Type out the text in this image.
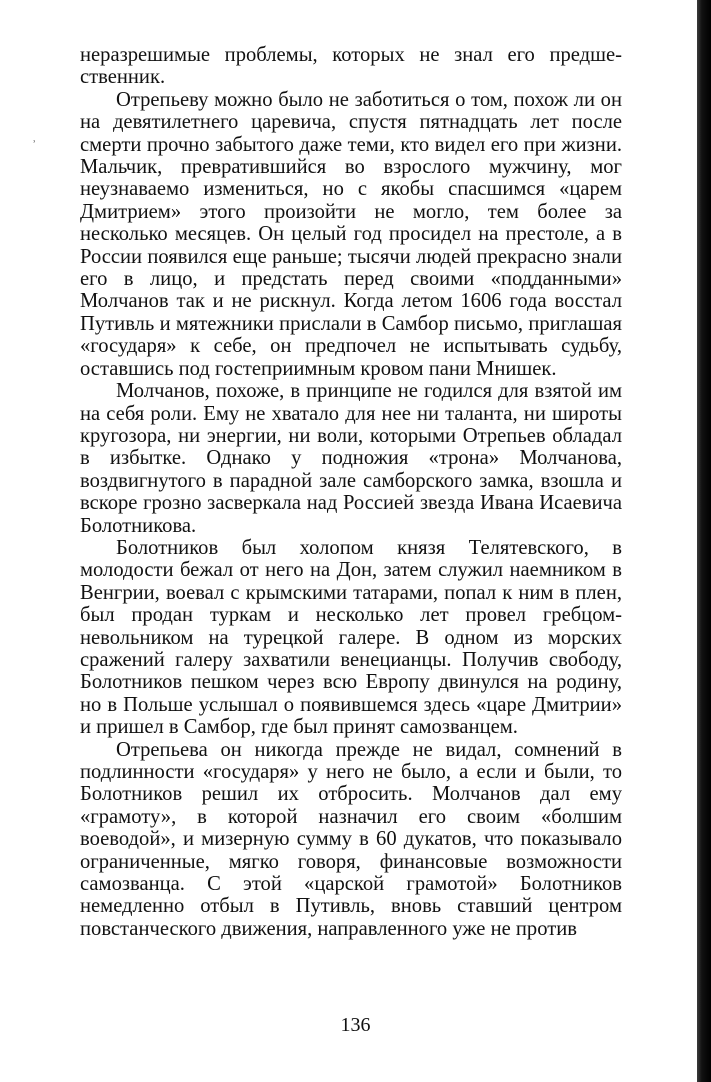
неразрешимые проблемы, которых не знал его предшественник.

Отрепьеву можно было не заботиться о том, похож ли он на девятилетнего царевича, спустя пятнадцать лет после смерти прочно забытого даже теми, кто видел его при жизни. Мальчик, превратившийся во взрослого мужчину, мог неузнаваемо измениться, но с якобы спасшимся «царем Дмитрием» этого произойти не могло, тем более за несколько месяцев. Он целый год просидел на престоле, а в России появился еще раньше; тысячи людей прекрасно знали его в лицо, и предстать перед своими «подданными» Молчанов так и не рискнул. Когда летом 1606 года восстал Путивль и мятежники прислали в Самбор письмо, приглашая «государя» к себе, он предпочел не испытывать судьбу, оставшись под гостеприимным кровом пани Мнишек.

Молчанов, похоже, в принципе не годился для взятой им на себя роли. Ему не хватало для нее ни таланта, ни широты кругозора, ни энергии, ни воли, которыми Отрепьев обладал в избытке. Однако у подножия «трона» Молчанова, воздвигнутого в парадной зале самборского замка, взошла и вскоре грозно засверкала над Россией звезда Ивана Исаевича Болотникова.

Болотников был холопом князя Телятевского, в молодости бежал от него на Дон, затем служил наемником в Венгрии, воевал с крымскими татарами, попал к ним в плен, был продан туркам и несколько лет провел гребцом-невольником на турецкой галере. В одном из морских сражений галеру захватили венецианцы. Получив свободу, Болотников пешком через всю Европу двинулся на родину, но в Польше услышал о появившемся здесь «царе Дмитрии» и пришел в Самбор, где был принят самозванцем.

Отрепьева он никогда прежде не видал, сомнений в подлинности «государя» у него не было, а если и были, то Болотников решил их отбросить. Молчанов дал ему «грамоту», в которой назначил его своим «болшим воеводой», и мизерную сумму в 60 дукатов, что показывало ограниченные, мягко говоря, финансовые возможности самозванца. С этой «царской грамотой» Болотников немедленно отбыл в Путивль, вновь ставший центром повстанческого движения, направленного уже не против

136
˒
